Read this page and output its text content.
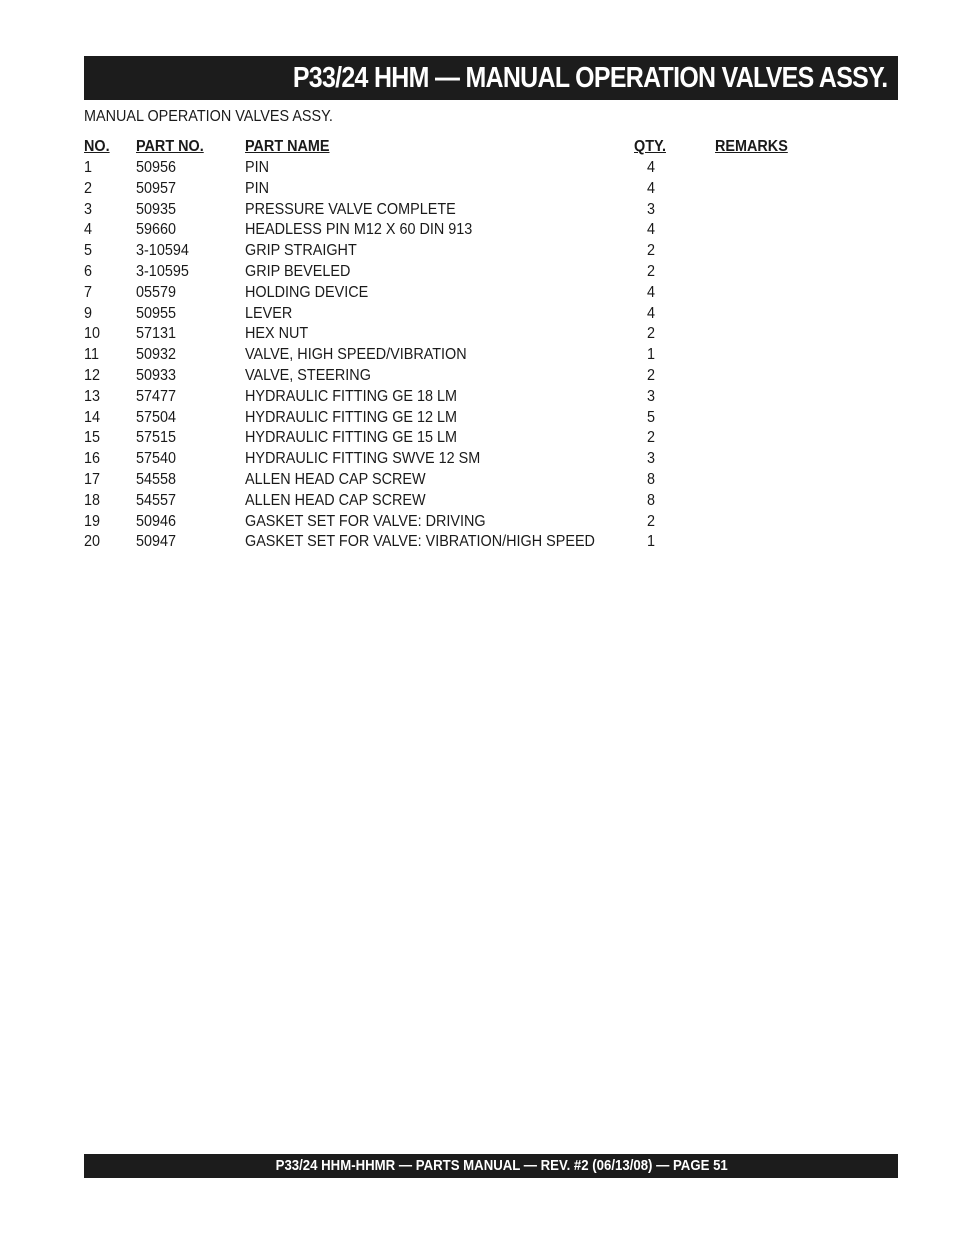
P33/24 HHM — MANUAL OPERATION VALVES ASSY.
MANUAL OPERATION VALVES ASSY.
NO. PART NO.	PART NAME	QTY.	REMARKS
1	50956	PIN	4
2	50957	PIN	4
3	50935	PRESSURE VALVE COMPLETE	3
4	59660	HEADLESS PIN M12 X 60 DIN 913	4
5	3-10594	GRIP STRAIGHT	2
6	3-10595	GRIP BEVELED	2
7	05579	HOLDING DEVICE	4
9	50955	LEVER	4
10 57131	HEX NUT	2
11 50932	VALVE, HIGH SPEED/VIBRATION	1
12 50933	VALVE, STEERING	2
13 57477	HYDRAULIC FITTING GE 18 LM	3
14 57504	HYDRAULIC FITTING GE 12 LM	5
15 57515	HYDRAULIC FITTING GE 15 LM	2
16 57540	HYDRAULIC FITTING SWVE 12 SM	3
17 54558	ALLEN HEAD CAP SCREW	8
18 54557	ALLEN HEAD CAP SCREW	8
19 50946	GASKET SET FOR VALVE: DRIVING	2
20 50947	GASKET SET FOR VALVE: VIBRATION/HIGH SPEED	1
P33/24 HHM-HHMR — PARTS MANUAL — REV. #2 (06/13/08) — PAGE 51
